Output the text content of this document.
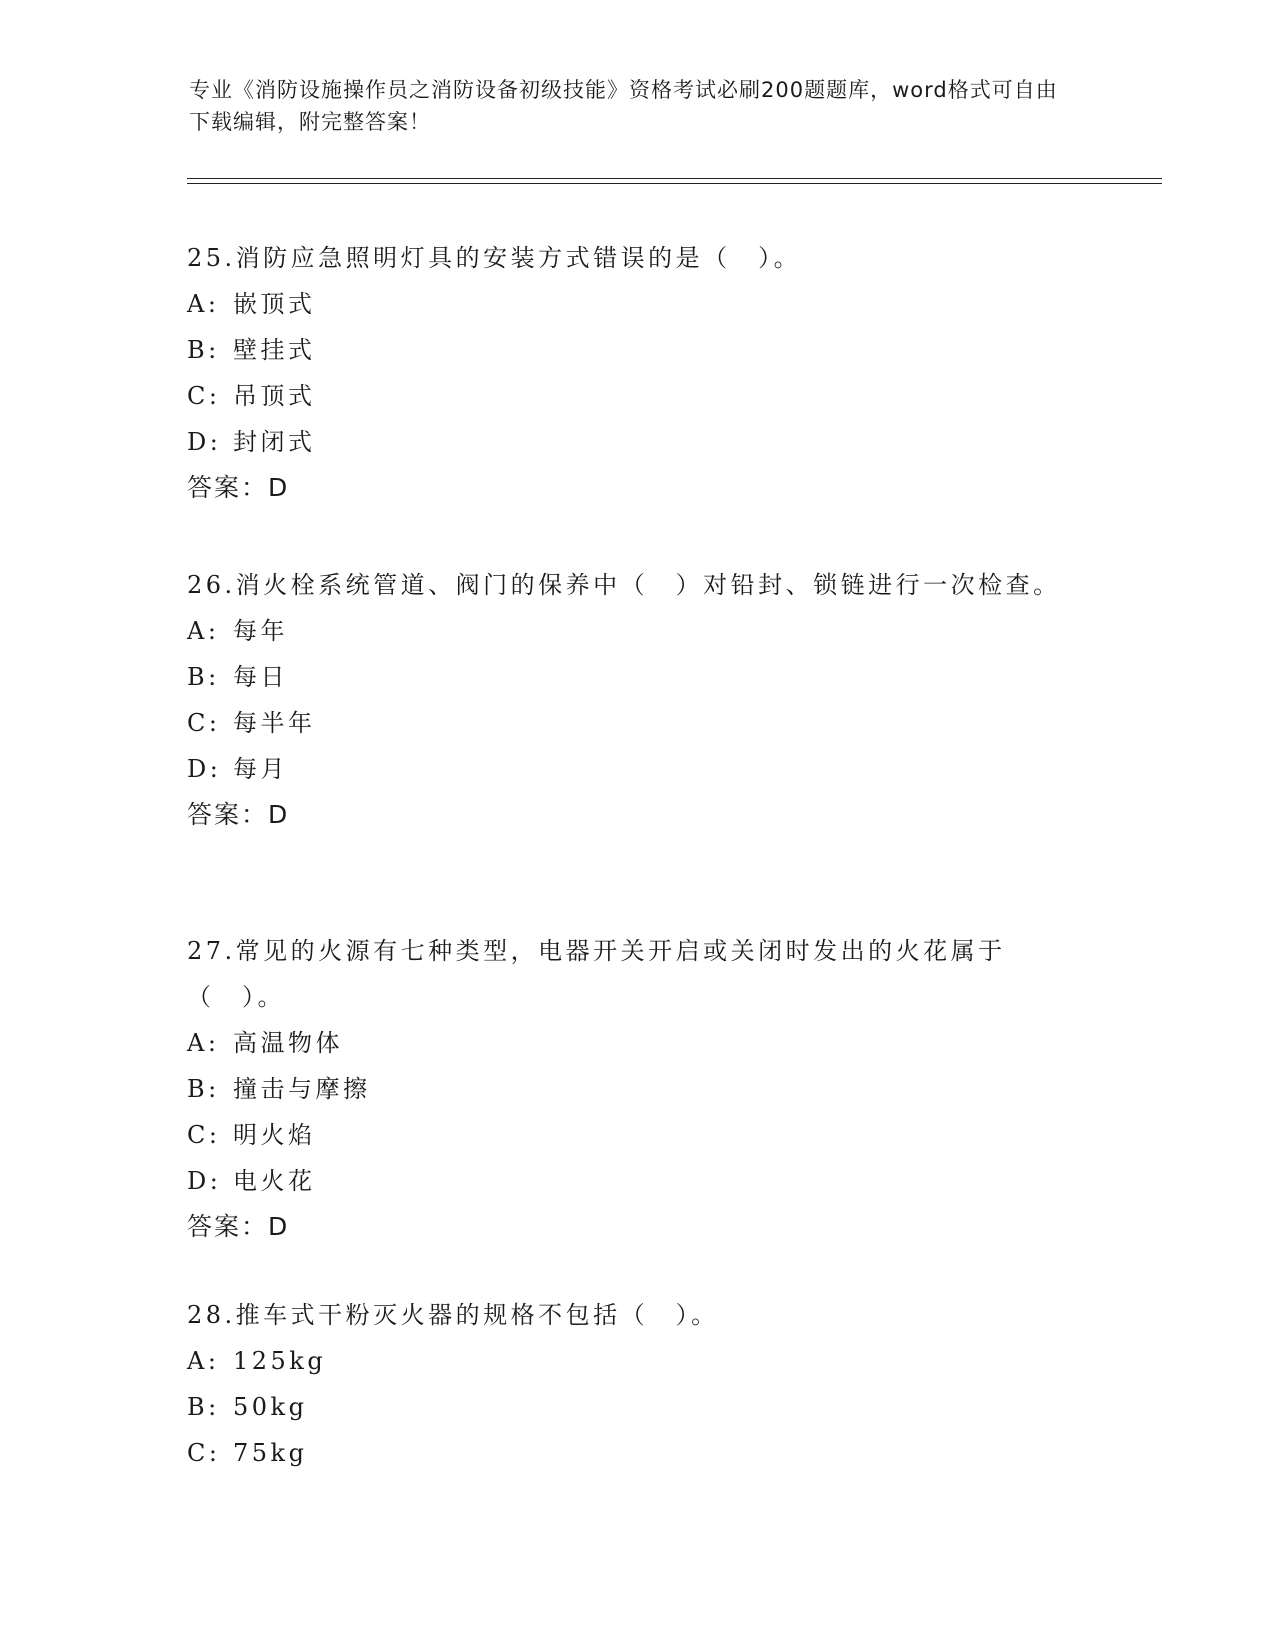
专业《消防设施操作员之消防设备初级技能》资格考试必刷200题题库，word格式可自由下载编辑，附完整答案！

25.消防应急照明灯具的安装方式错误的是（　）。

A: 嵌顶式

B: 壁挂式

C: 吊顶式

D: 封闭式

答案：D

26.消火栓系统管道、阀门的保养中（　）对铅封、锁链进行一次检查。

A: 每年

B: 每日

C: 每半年

D: 每月

答案：D

27.常见的火源有七种类型，电器开关开启或关闭时发出的火花属于（　）。

A: 高温物体

B: 撞击与摩擦

C: 明火焰

D: 电火花

答案：D

28.推车式干粉灭火器的规格不包括（　）。

A: 125kg

B: 50kg

C: 75kg
